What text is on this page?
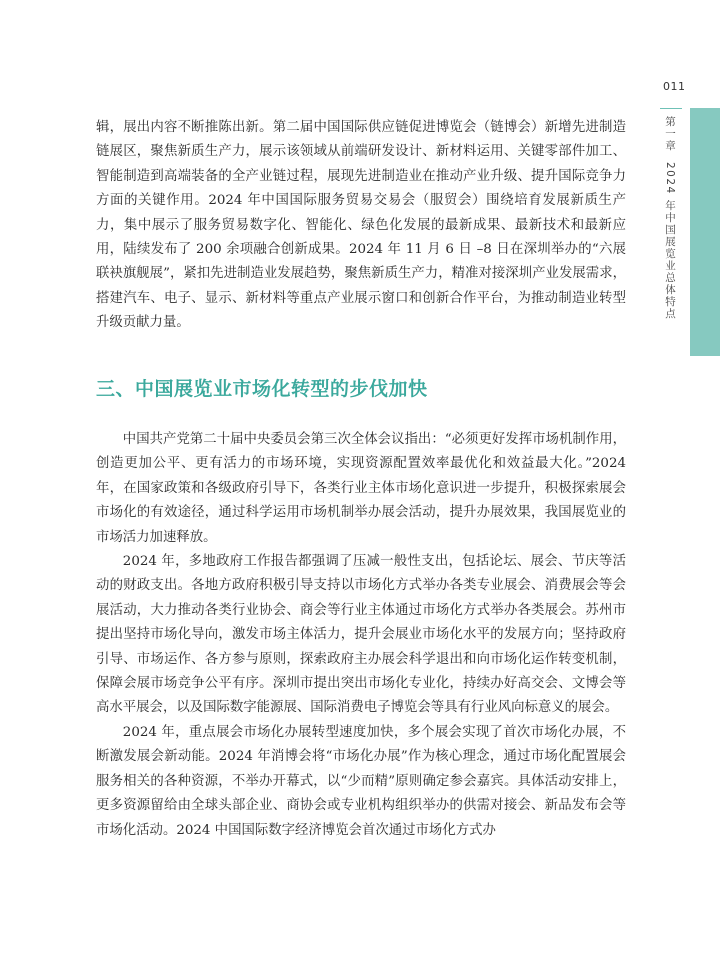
011
第一章2024 年中国展览业总体特点

辑，展出内容不断推陈出新。第二届中国国际供应链促进博览会（链博会）新增先进制造链展区，聚焦新质生产力，展示该领域从前端研发设计、新材料运用、关键零部件加工、智能制造到高端装备的全产业链过程，展现先进制造业在推动产业升级、提升国际竞争力方面的关键作用。2024 年中国国际服务贸易交易会（服贸会）围绕培育发展新质生产力，集中展示了服务贸易数字化、智能化、绿色化发展的最新成果、最新技术和最新应用，陆续发布了 200 余项融合创新成果。2024 年 11 月 6 日 –8 日在深圳举办的“六展联袂旗舰展”，紧扣先进制造业发展趋势，聚焦新质生产力，精准对接深圳产业发展需求，搭建汽车、电子、显示、新材料等重点产业展示窗口和创新合作平台，为推动制造业转型升级贡献力量。

三、中国展览业市场化转型的步伐加快

中国共产党第二十届中央委员会第三次全体会议指出：“必须更好发挥市场机制作用，创造更加公平、更有活力的市场环境，实现资源配置效率最优化和效益最大化。”2024 年，在国家政策和各级政府引导下，各类行业主体市场化意识进一步提升，积极探索展会市场化的有效途径，通过科学运用市场机制举办展会活动，提升办展效果，我国展览业的市场活力加速释放。

2024 年，多地政府工作报告都强调了压减一般性支出，包括论坛、展会、节庆等活动的财政支出。各地方政府积极引导支持以市场化方式举办各类专业展会、消费展会等会展活动，大力推动各类行业协会、商会等行业主体通过市场化方式举办各类展会。苏州市提出坚持市场化导向，激发市场主体活力，提升会展业市场化水平的发展方向；坚持政府引导、市场运作、各方参与原则，探索政府主办展会科学退出和向市场化运作转变机制，保障会展市场竞争公平有序。深圳市提出突出市场化专业化，持续办好高交会、文博会等高水平展会，以及国际数字能源展、国际消费电子博览会等具有行业风向标意义的展会。

2024 年，重点展会市场化办展转型速度加快，多个展会实现了首次市场化办展，不断激发展会新动能。2024 年消博会将“市场化办展”作为核心理念，通过市场化配置展会服务相关的各种资源，不举办开幕式，以“少而精”原则确定参会嘉宾。具体活动安排上，更多资源留给由全球头部企业、商协会或专业机构组织举办的供需对接会、新品发布会等市场化活动。2024 中国国际数字经济博览会首次通过市场化方式办
